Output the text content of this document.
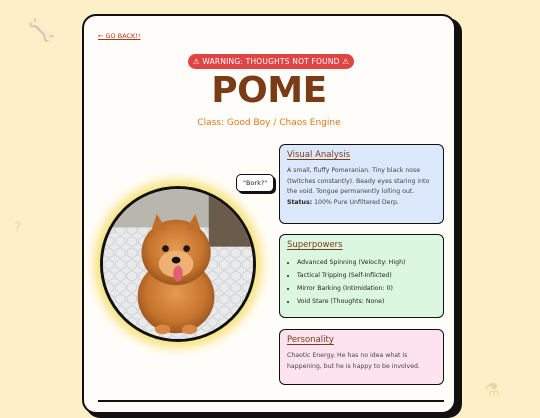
🦴
?
⚗
← GO BACK!!
⚠ WARNING: THOUGHTS NOT FOUND ⚠
POME
Class: Good Boy / Chaos Engine
"Bork?"
Visual Analysis

A small, fluffy Pomeranian. Tiny black nose (twitches constantly). Beady eyes staring into the void. Tongue permanently lolling out. Status: 100% Pure Unfiltered Derp.

Superpowers
• Advanced Spinning (Velocity: High)
• Tactical Tripping (Self-Inflicted)
• Mirror Barking (Intimidation: 0)
• Void Stare (Thoughts: None)
Personality

Chaotic Energy. He has no idea what is happening, but he is happy to be involved.
